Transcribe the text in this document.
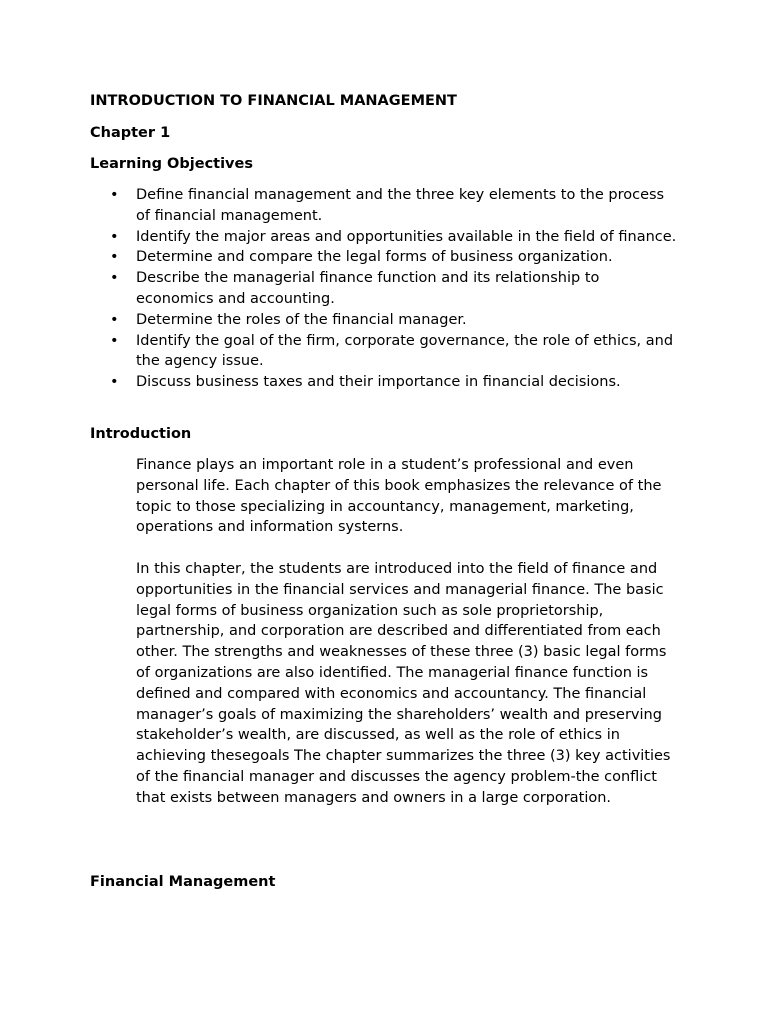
INTRODUCTION TO FINANCIAL MANAGEMENT
Chapter 1
Learning Objectives
• Define financial management and the three key elements to the process of financial management.
• Identify the major areas and opportunities available in the field of finance.
• Determine and compare the legal forms of business organization.
• Describe the managerial finance function and its relationship to economics and accounting.
• Determine the roles of the financial manager.
• Identify the goal of the firm, corporate governance, the role of ethics, and the agency issue.
• Discuss business taxes and their importance in financial decisions.
Introduction

Finance plays an important role in a student’s professional and even personal life. Each chapter of this book emphasizes the relevance of the topic to those specializing in accountancy, management, marketing, operations and information systerns.

In this chapter, the students are introduced into the field of finance and opportunities in the financial services and managerial finance. The basic legal forms of business organization such as sole proprietorship, partnership, and corporation are described and differentiated from each other. The strengths and weaknesses of these three (3) basic legal forms of organizations are also identified. The managerial finance function is defined and compared with economics and accountancy. The financial manager’s goals of maximizing the shareholders’ wealth and preserving stakeholder’s wealth, are discussed, as well as the role of ethics in achieving thesegoals The chapter summarizes the three (3) key activities of the financial manager and discusses the agency problem-the conflict that exists between managers and owners in a large corporation.

Financial Management
